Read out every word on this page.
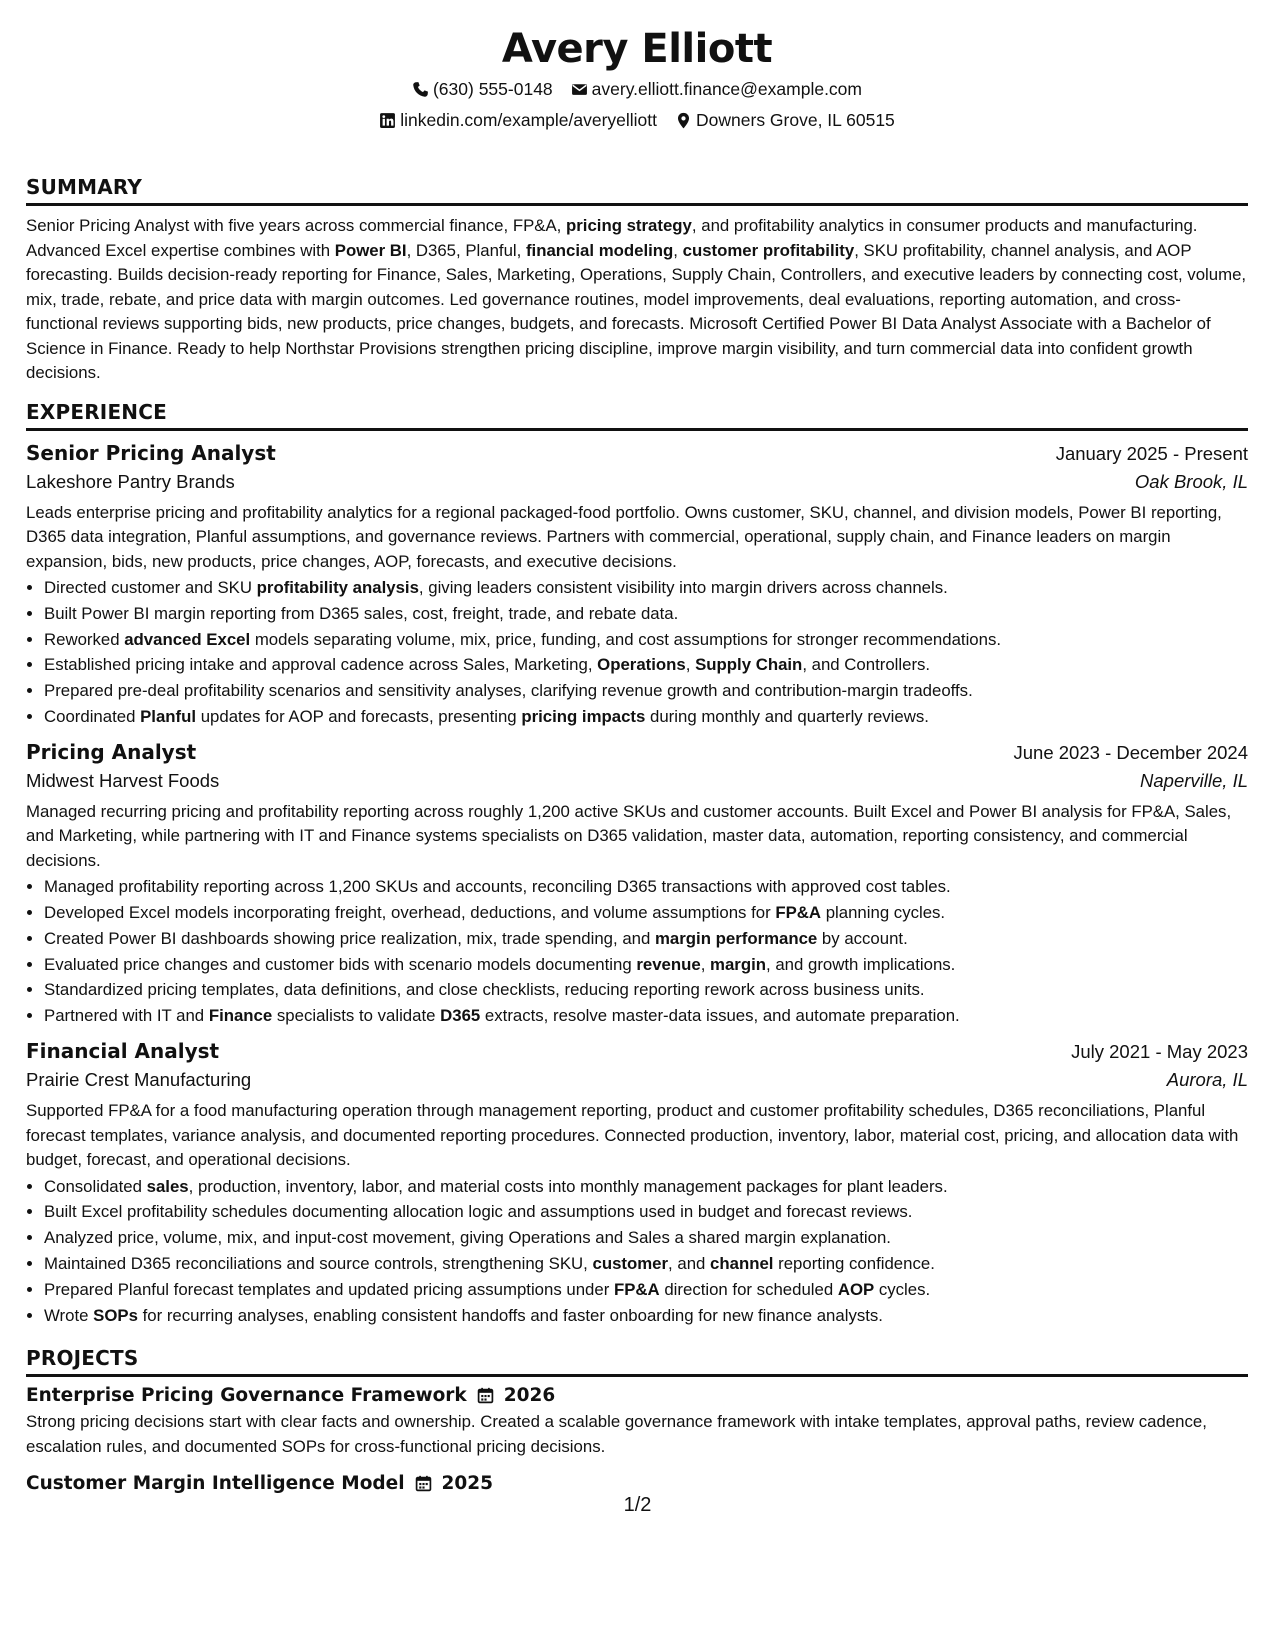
Avery Elliott
(630) 555-0148 avery.elliott.finance@example.com
linkedin.com/example/averyelliott Downers Grove, IL 60515
SUMMARY

Senior Pricing Analyst with five years across commercial finance, FP&A, pricing strategy, and profitability analytics in consumer products and manufacturing. Advanced Excel expertise combines with Power BI, D365, Planful, financial modeling, customer profitability, SKU profitability, channel analysis, and AOP forecasting. Builds decision-ready reporting for Finance, Sales, Marketing, Operations, Supply Chain, Controllers, and executive leaders by connecting cost, volume, mix, trade, rebate, and price data with margin outcomes. Led governance routines, model improvements, deal evaluations, reporting automation, and cross-functional reviews supporting bids, new products, price changes, budgets, and forecasts. Microsoft Certified Power BI Data Analyst Associate with a Bachelor of Science in Finance. Ready to help Northstar Provisions strengthen pricing discipline, improve margin visibility, and turn commercial data into confident growth decisions.

EXPERIENCE
Senior Pricing Analyst	January 2025 - Present
Lakeshore Pantry Brands	Oak Brook, IL

Leads enterprise pricing and profitability analytics for a regional packaged-food portfolio. Owns customer, SKU, channel, and division models, Power BI reporting, D365 data integration, Planful assumptions, and governance reviews. Partners with commercial, operational, supply chain, and Finance leaders on margin expansion, bids, new products, price changes, AOP, forecasts, and executive decisions.

• Directed customer and SKU profitability analysis, giving leaders consistent visibility into margin drivers across channels.
• Built Power BI margin reporting from D365 sales, cost, freight, trade, and rebate data.
• Reworked advanced Excel models separating volume, mix, price, funding, and cost assumptions for stronger recommendations.
• Established pricing intake and approval cadence across Sales, Marketing, Operations, Supply Chain, and Controllers.
• Prepared pre-deal profitability scenarios and sensitivity analyses, clarifying revenue growth and contribution-margin tradeoffs.
• Coordinated Planful updates for AOP and forecasts, presenting pricing impacts during monthly and quarterly reviews.
Pricing Analyst	June 2023 - December 2024
Midwest Harvest Foods	Naperville, IL

Managed recurring pricing and profitability reporting across roughly 1,200 active SKUs and customer accounts. Built Excel and Power BI analysis for FP&A, Sales, and Marketing, while partnering with IT and Finance systems specialists on D365 validation, master data, automation, reporting consistency, and commercial decisions.

• Managed profitability reporting across 1,200 SKUs and accounts, reconciling D365 transactions with approved cost tables.
• Developed Excel models incorporating freight, overhead, deductions, and volume assumptions for FP&A planning cycles.
• Created Power BI dashboards showing price realization, mix, trade spending, and margin performance by account.
• Evaluated price changes and customer bids with scenario models documenting revenue, margin, and growth implications.
• Standardized pricing templates, data definitions, and close checklists, reducing reporting rework across business units.
• Partnered with IT and Finance specialists to validate D365 extracts, resolve master-data issues, and automate preparation.
Financial Analyst	July 2021 - May 2023
Prairie Crest Manufacturing	Aurora, IL

Supported FP&A for a food manufacturing operation through management reporting, product and customer profitability schedules, D365 reconciliations, Planful forecast templates, variance analysis, and documented reporting procedures. Connected production, inventory, labor, material cost, pricing, and allocation data with budget, forecast, and operational decisions.

• Consolidated sales, production, inventory, labor, and material costs into monthly management packages for plant leaders.
• Built Excel profitability schedules documenting allocation logic and assumptions used in budget and forecast reviews.
• Analyzed price, volume, mix, and input-cost movement, giving Operations and Sales a shared margin explanation.
• Maintained D365 reconciliations and source controls, strengthening SKU, customer, and channel reporting confidence.
• Prepared Planful forecast templates and updated pricing assumptions under FP&A direction for scheduled AOP cycles.
• Wrote SOPs for recurring analyses, enabling consistent handoffs and faster onboarding for new finance analysts.
PROJECTS
Enterprise Pricing Governance Framework 2026

Strong pricing decisions start with clear facts and ownership. Created a scalable governance framework with intake templates, approval paths, review cadence, escalation rules, and documented SOPs for cross-functional pricing decisions.

Customer Margin Intelligence Model 2025
1/2
